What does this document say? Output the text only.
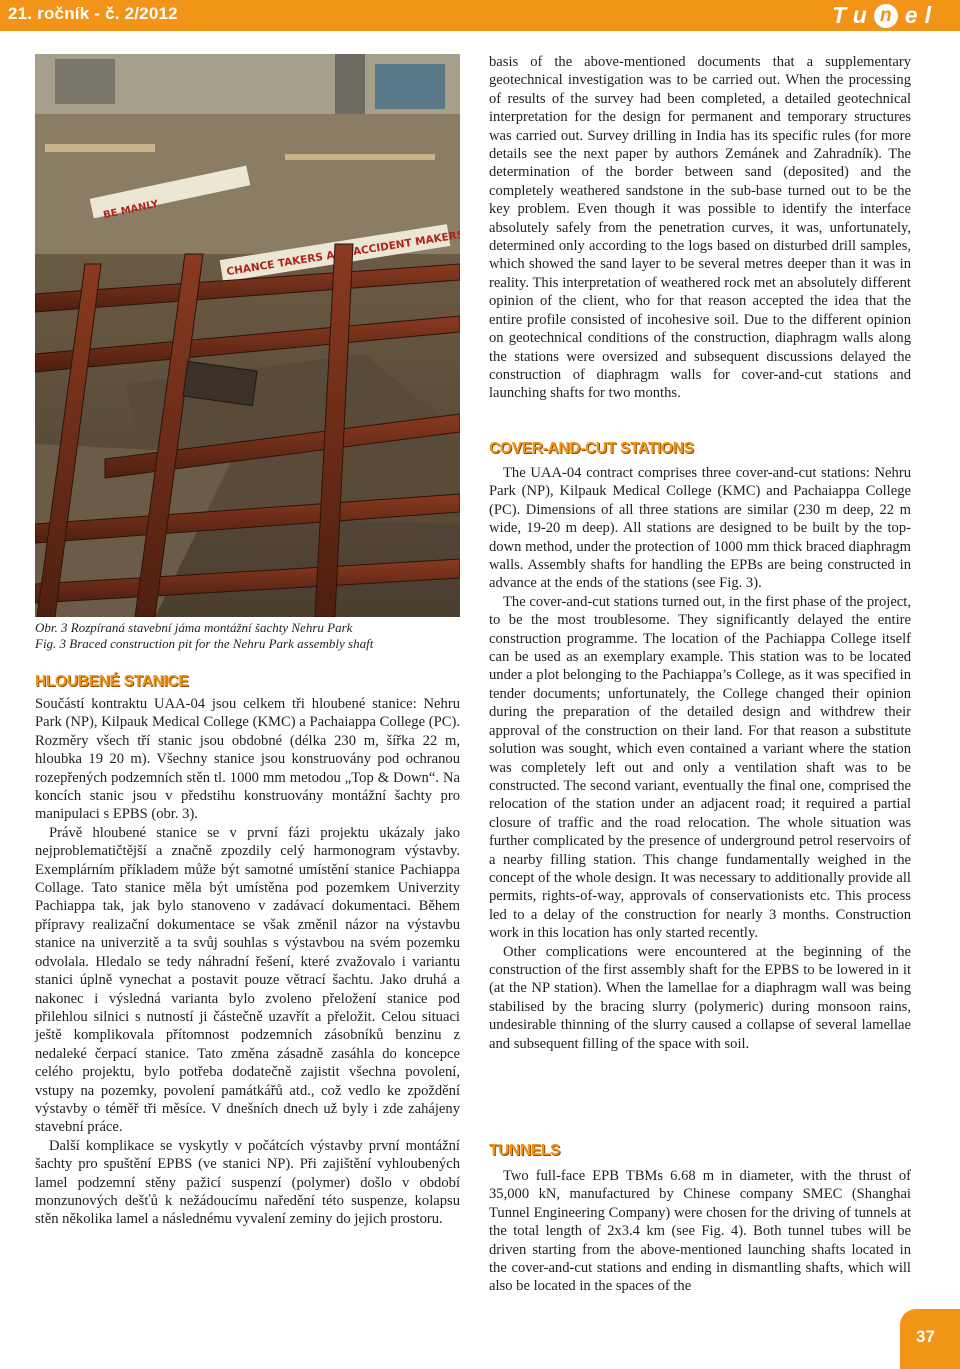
21. ročník - č. 2/2012	Tu n el
BE MANLY
CHANCE TAKERS ACCIDENT MAKERS
Obr. 3 Rozpíraná stavební jáma montážní šachty Nehru Park
Fig. 3 Braced construction pit for the Nehru Park assembly shaft
HLOUBENÉ STANICE

Součástí kontraktu UAA-04 jsou celkem tři hloubené stanice: Nehru Park (NP), Kilpauk Medical College (KMC) a Pachaiappa College (PC). Rozměry všech tří stanic jsou obdobné (délka 230 m, šířka 22 m, hloubka 19 20 m). Všechny stanice jsou konstruovány pod ochranou rozepřených podzemních stěn tl. 1000 mm metodou „Top & Down“. Na koncích stanic jsou v předstihu konstruovány montážní šachty pro manipulaci s EPBS (obr. 3).

Právě hloubené stanice se v první fázi projektu ukázaly jako nejproblematičtější a značně zpozdily celý harmonogram výstavby. Exemplárním příkladem může být samotné umístění stanice Pachiappa Collage. Tato stanice měla být umístěna pod pozemkem Univerzity Pachiappa tak, jak bylo stanoveno v zadávací dokumentaci. Během přípravy realizační dokumentace se však změnil názor na výstavbu stanice na univerzitě a ta svůj souhlas s výstavbou na svém pozemku odvolala. Hledalo se tedy náhradní řešení, které zvažovalo i variantu stanici úplně vynechat a postavit pouze větrací šachtu. Jako druhá a nakonec i výsledná varianta bylo zvoleno přeložení stanice pod přilehlou silnici s nutností ji částečně uzavřít a přeložit. Celou situaci ještě komplikovala přítomnost podzemních zásobníků benzinu z nedaleké čerpací stanice. Tato změna zásadně zasáhla do koncepce celého projektu, bylo potřeba dodatečně zajistit všechna povolení, vstupy na pozemky, povolení památkářů atd., což vedlo ke zpoždění výstavby o téměř tři měsíce. V dnešních dnech už byly i zde zahájeny stavební práce.

Další komplikace se vyskytly v počátcích výstavby první montážní šachty pro spuštění EPBS (ve stanici NP). Při zajištění vyhloubených lamel podzemní stěny pažicí suspenzí (polymer) došlo v období monzunových dešťů k nežádoucímu naředění této suspenze, kolapsu stěn několika lamel a následnému vyvalení zeminy do jejich prostoru.

basis of the above-mentioned documents that a supplementary geotechnical investigation was to be carried out. When the processing of results of the survey had been completed, a detailed geotechnical interpretation for the design for permanent and temporary structures was carried out. Survey drilling in India has its specific rules (for more details see the next paper by authors Zemánek and Zahradník). The determination of the border between sand (deposited) and the completely weathered sandstone in the sub-base turned out to be the key problem. Even though it was possible to identify the interface absolutely safely from the penetration curves, it was, unfortunately, determined only according to the logs based on disturbed drill samples, which showed the sand layer to be several metres deeper than it was in reality. This interpretation of weathered rock met an absolutely different opinion of the client, who for that reason accepted the idea that the entire profile consisted of incohesive soil. Due to the different opinion on geotechnical conditions of the construction, diaphragm walls along the stations were oversized and subsequent discussions delayed the construction of diaphragm walls for cover-and-cut stations and launching shafts for two months.

COVER-AND-CUT STATIONS

The UAA-04 contract comprises three cover-and-cut stations: Nehru Park (NP), Kilpauk Medical College (KMC) and Pachaiappa College (PC). Dimensions of all three stations are similar (230 m deep, 22 m wide, 19-20 m deep). All stations are designed to be built by the top-down method, under the protection of 1000 mm thick braced diaphragm walls. Assembly shafts for handling the EPBs are being constructed in advance at the ends of the stations (see Fig. 3).

The cover-and-cut stations turned out, in the first phase of the project, to be the most troublesome. They significantly delayed the entire construction programme. The location of the Pachiappa College itself can be used as an exemplary example. This station was to be located under a plot belonging to the Pachiappa’s College, as it was specified in tender documents; unfortunately, the College changed their opinion during the preparation of the detailed design and withdrew their approval of the construction on their land. For that reason a substitute solution was sought, which even contained a variant where the station was completely left out and only a ventilation shaft was to be constructed. The second variant, eventually the final one, comprised the relocation of the station under an adjacent road; it required a partial closure of traffic and the road relocation. The whole situation was further complicated by the presence of underground petrol reservoirs of a nearby filling station. This change fundamentally weighed in the concept of the whole design. It was necessary to additionally provide all permits, rights-of-way, approvals of conservationists etc. This process led to a delay of the construction for nearly 3 months. Construction work in this location has only started recently.

Other complications were encountered at the beginning of the construction of the first assembly shaft for the EPBS to be lowered in it (at the NP station). When the lamellae for a diaphragm wall was being stabilised by the bracing slurry (polymeric) during monsoon rains, undesirable thinning of the slurry caused a collapse of several lamellae and subsequent filling of the space with soil.

TUNNELS

Two full-face EPB TBMs 6.68 m in diameter, with the thrust of 35,000 kN, manufactured by Chinese company SMEC (Shanghai Tunnel Engineering Company) were chosen for the driving of tunnels at the total length of 2x3.4 km (see Fig. 4). Both tunnel tubes will be driven starting from the above-mentioned launching shafts located in the cover-and-cut stations and ending in dismantling shafts, which will also be located in the spaces of the

37
